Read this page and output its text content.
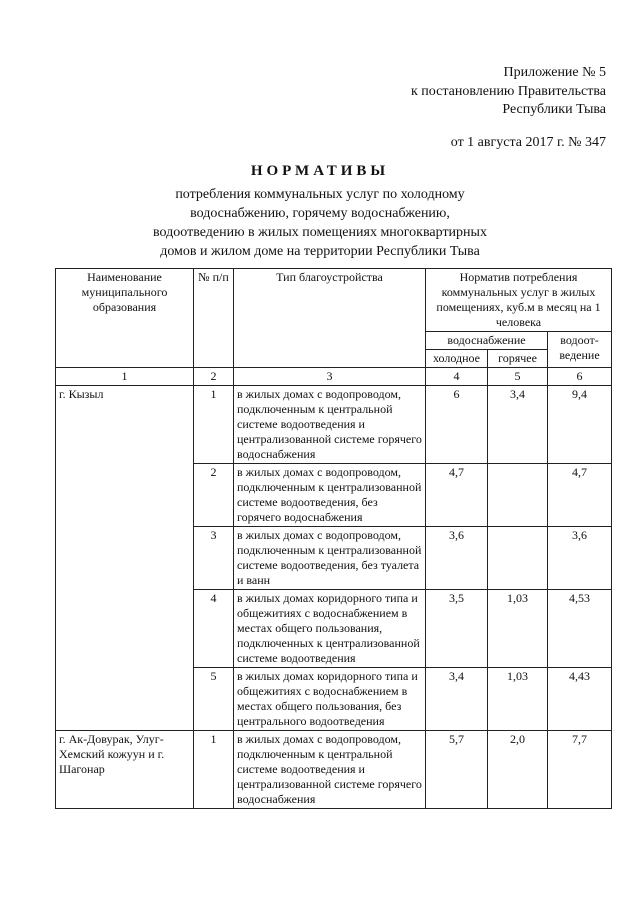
Приложение № 5
к постановлению Правительства
Республики Тыва
от 1 августа 2017 г. № 347
НОРМАТИВЫ
потребления коммунальных услуг по холодному
водоснабжению, горячему водоснабжению,
водоотведению в жилых помещениях многоквартирных
домов и жилом доме на территории Республики Тыва
Наименование муниципального образования	№ п/п	Тип благоустройства	Норматив потребления коммунальных услуг в жилых помещениях, куб.м в месяц на 1 человека		
			водоснабжение		водоот-ведение
			холодное	горячее	
1	2	3	4	5	6
г. Кызыл	1	в жилых домах с водопроводом, подключенным к центральной системе водоотведения и централизованной системе горячего водоснабжения	6	3,4	9,4
	2	в жилых домах с водопроводом, подключенным к централизованной системе водоотведения, без горячего водоснабжения	4,7		4,7
	3	в жилых домах с водопроводом, подключенным к централизованной системе водоотведения, без туалета и ванн	3,6		3,6
	4	в жилых домах коридорного типа и общежитиях с водоснабжением в местах общего пользования, подключенных к централизованной системе водоотведения	3,5	1,03	4,53
	5	в жилых домах коридорного типа и общежитиях с водоснабжением в местах общего пользования, без центрального водоотведения	3,4	1,03	4,43
г. Ак-Довурак, Улуг-Хемский кожуун и г. Шагонар	1	в жилых домах с водопроводом, подключенным к центральной системе водоотведения и централизованной системе горячего водоснабжения	5,7	2,0	7,7
